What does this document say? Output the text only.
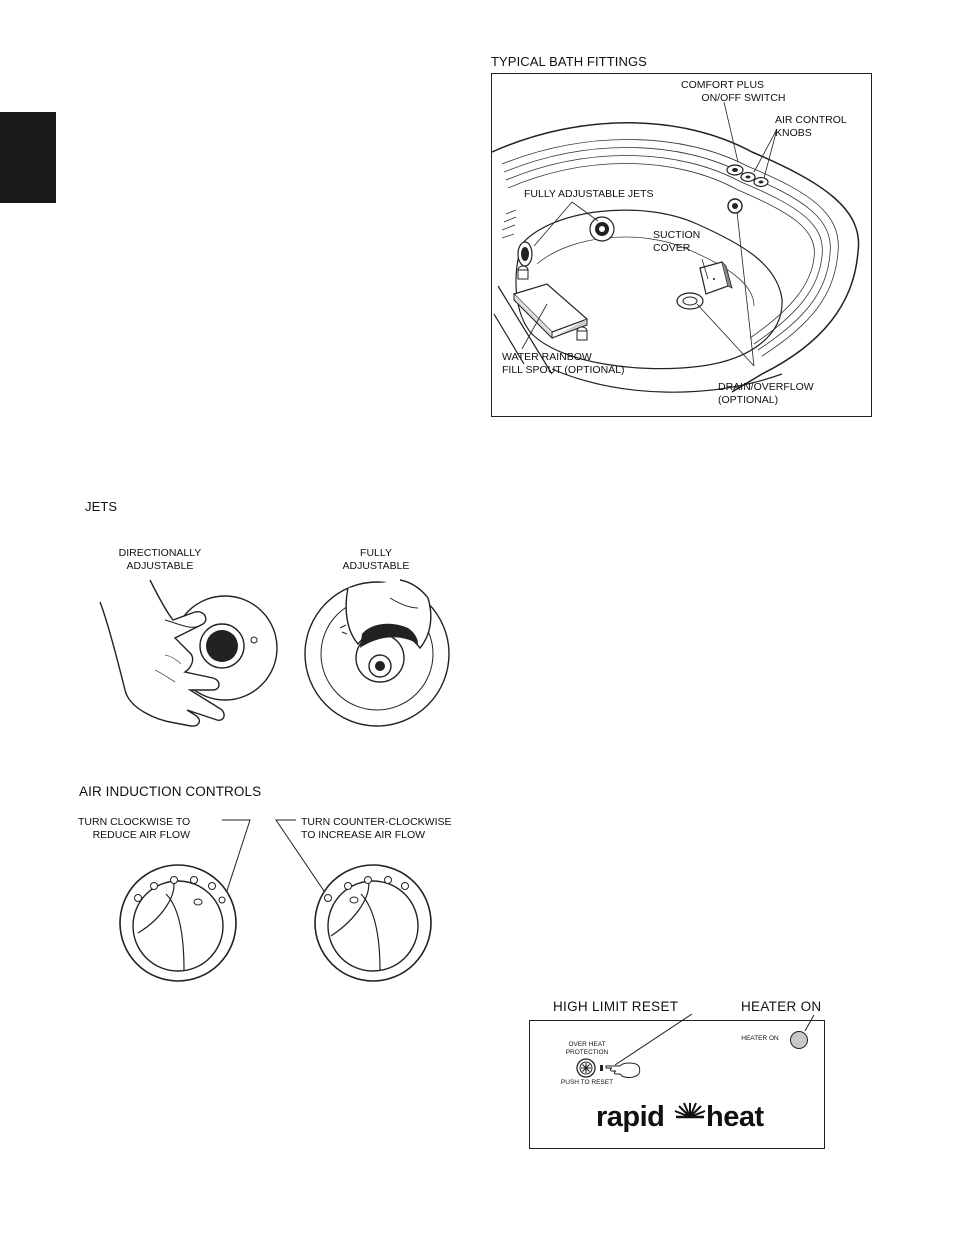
TYPICAL BATH FITTINGS
COMFORT PLUS
ON/OFF SWITCH
AIR CONTROL
KNOBS
FULLY ADJUSTABLE JETS
SUCTION
COVER
WATER RAINBOW
FILL SPOUT (OPTIONAL)
DRAIN/OVERFLOW
(OPTIONAL)
JETS
DIRECTIONALLY
ADJUSTABLE
FULLY
ADJUSTABLE
AIR INDUCTION CONTROLS
TURN CLOCKWISE TO
REDUCE AIR FLOW
TURN COUNTER-CLOCKWISE
TO INCREASE AIR FLOW
HIGH LIMIT RESET	HEATER ON
OVER HEAT
PROTECTION
PUSH TO RESET
HEATER ON
rapid heat
